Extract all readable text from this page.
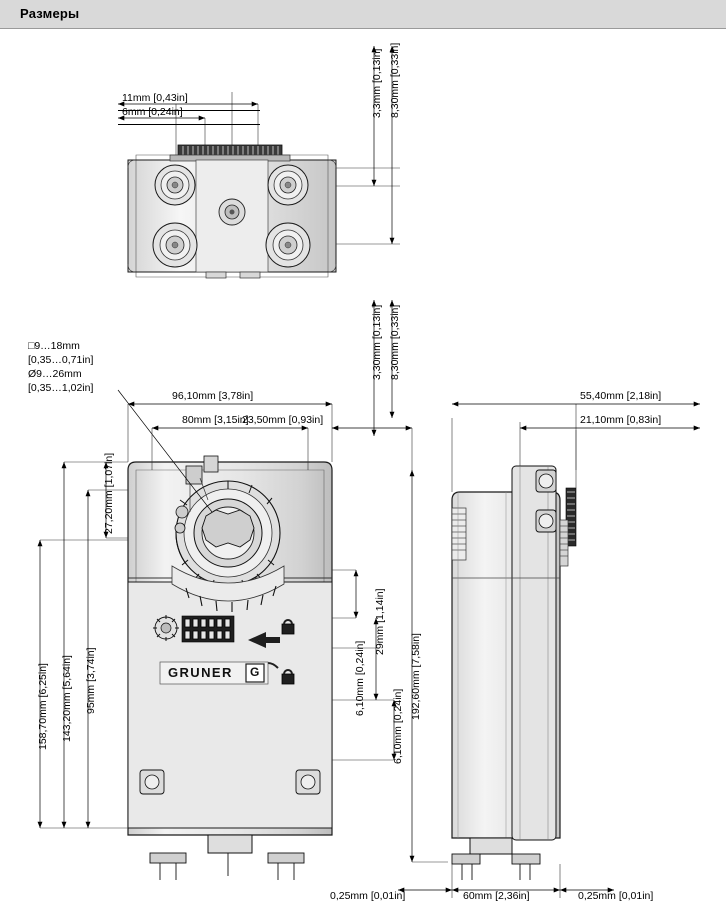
Размеры
11mm [0,43in]
6mm [0,24in]	3,3mm [0,13in] 8,30mm [0,33in]
3,30mm [0,13in] 8,30mm [0,33in]
□9…18mm
[0,35…0,71in]
Ø9…26mm
[0,35…1,02in]
96,10mm [3,78in]
80mm [3,15in]
23,50mm [0,93in]
27,20mm [1,07in]
158,70mm [6,25in] 143,20mm [5,64in] 95mm [3,74in]
29mm [1,14in]
6,10mm [0,24in]
6,10mm [0,24in]
192,60mm [7,58in]
GRUNER G
55,40mm [2,18in]
21,10mm [0,83in]
0,25mm [0,01in]	60mm [2,36in]	0,25mm [0,01in]
